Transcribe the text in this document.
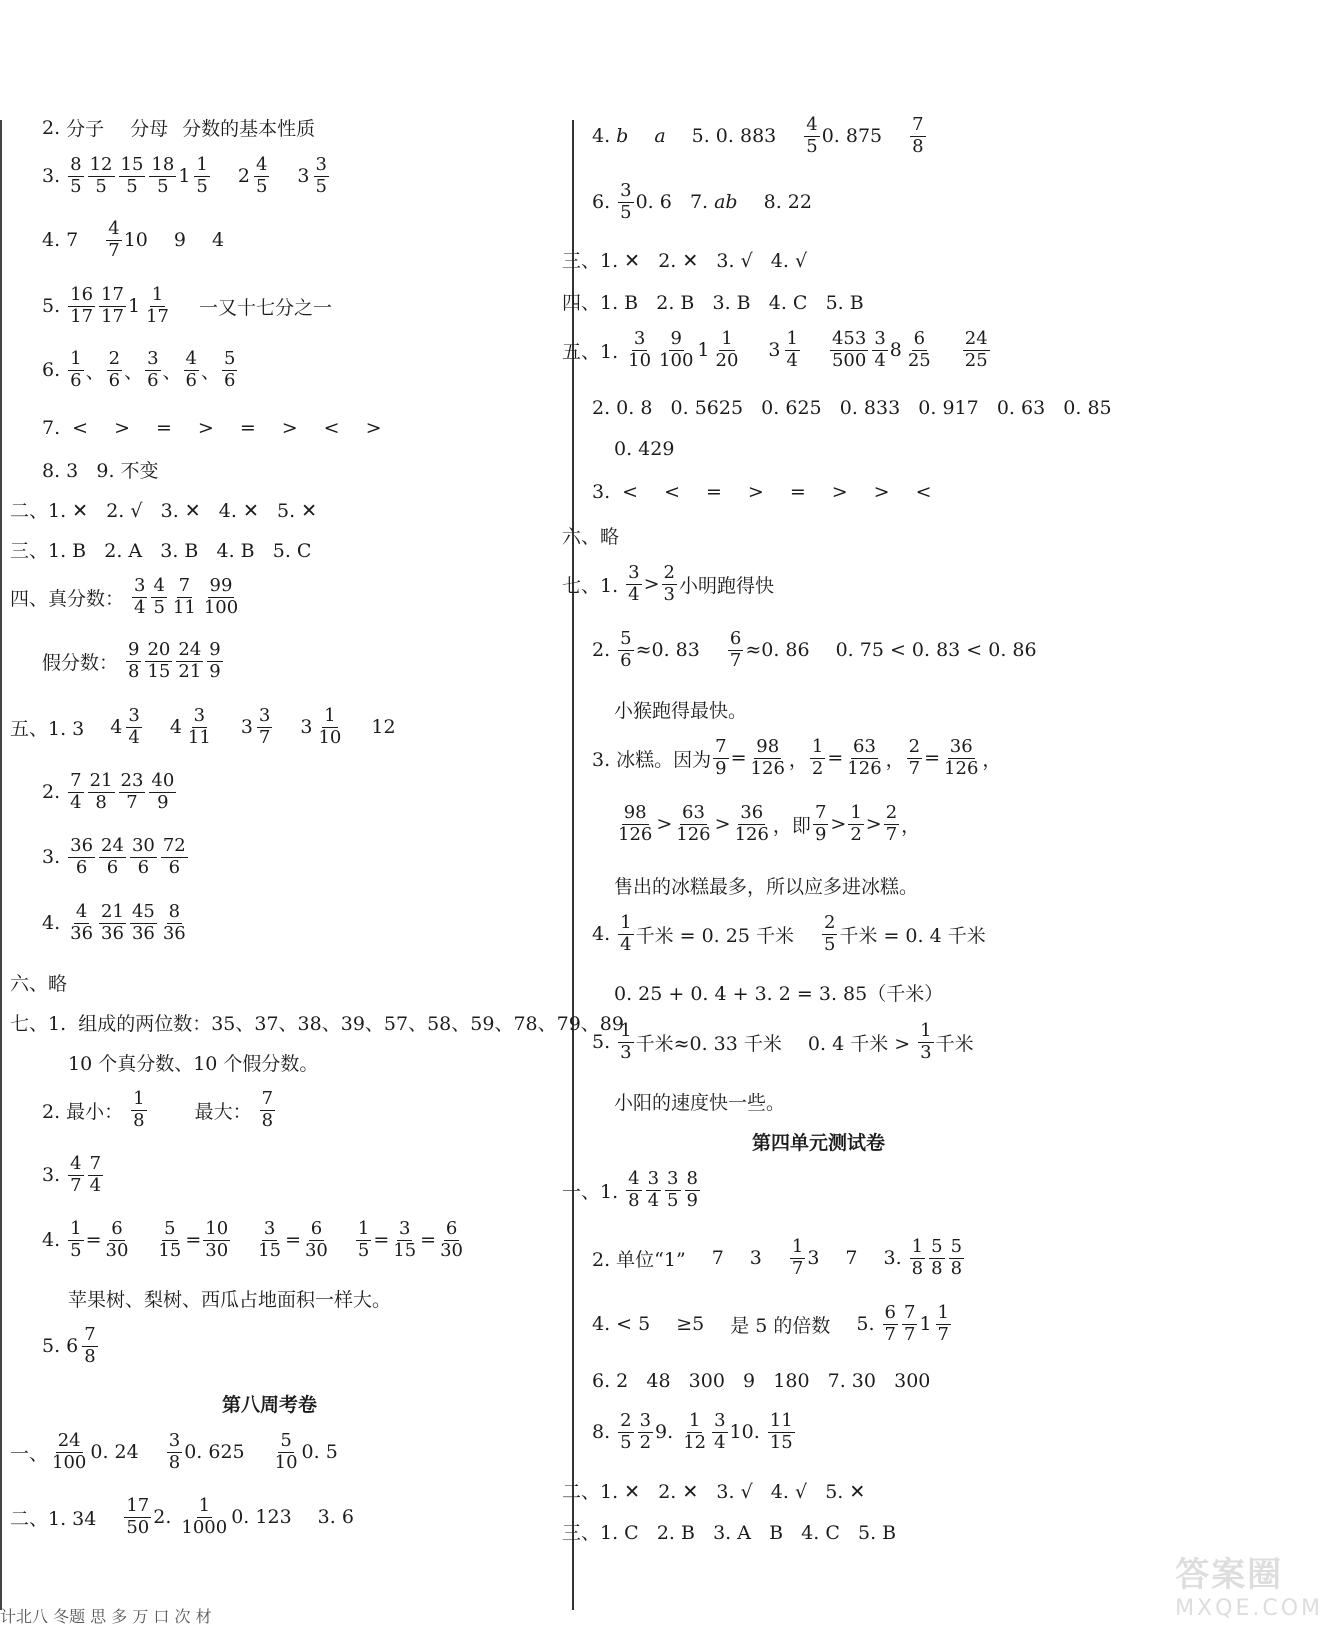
2. 分子 分母 分数的基本性质
3. $\frac{8}{5} \frac{12}{5} \frac{15}{5} \frac{18}{5} 1 \frac{1}{5} 2 \frac{4}{5} 3 \frac{3}{5}$
4. $7 \frac{4}{7} 10$ 9 4
5. $\frac{16}{17} \frac{17}{17} 1 \frac{1}{17}$ 一又十七分之一
6. $\frac{1}{6}$ 、 $\frac{2}{6}$ 、 $\frac{3}{6}$ 、 $\frac{4}{6}$ 、 $\frac{5}{6}$
7. < > = > = > < >
8. 3   9. 不变
二、1. ✕   2. √   3. ✕   4. ✕   5. ✕
三、1. B   2. A   3. B   4. B   5. C
四、真分数： $\frac{3}{4} \frac{4}{5} \frac{7}{11} \frac{99}{100}$
假分数： $\frac{9}{8} \frac{20}{15} \frac{24}{21} \frac{9}{9}$
五、1. 3 $4 \frac{3}{4} 4 \frac{3}{11} 3 \frac{3}{7} 3 \frac{1}{10} 12$
2. $\frac{7}{4} \frac{21}{8} \frac{23}{7} \frac{40}{9}$
3. $\frac{36}{6} \frac{24}{6} \frac{30}{6} \frac{72}{6}$
4. $\frac{4}{36} \frac{21}{36} \frac{45}{36} \frac{8}{36}$
六、略
七、1.  组成的两位数：35、37、38、39、57、58、59、78、79、89
10 个真分数、10 个假分数。
2. 最小： $\frac{1}{8}$	最大： $\frac{7}{8}$
3. $\frac{4}{7} \frac{7}{4}$
4. $\frac{1}{5} = \frac{6}{30} \frac{5}{15} = \frac{10}{30} \frac{3}{15} = \frac{6}{30} \frac{1}{5} = \frac{3}{15} = \frac{6}{30}$
苹果树、梨树、西瓜占地面积一样大。
5. $6 \frac{7}{8}$
第八周考卷
一、 $\frac{24}{100} 0$. $24 \frac{3}{8} 0$. $625 \frac{5}{10} 0$. 5
二、1. $34 \frac{17}{50} 2$. $\frac{1}{1000} 0$. 123 3. 6
计北八 冬题 思 多 万 口 次 材
4. b a 5. 0. $883 \frac{4}{5} 0$. $875 \frac{7}{8}$
6. $\frac{3}{5} 0$. 6   7. ab 8. 22
三、1. ✕   2. ✕   3. √   4. √
四、1. B   2. B   3. B   4. C   5. B
五、1. $\frac{3}{10} \frac{9}{100} 1 \frac{1}{20} 3 \frac{1}{4} \frac{453}{500} \frac{3}{4} 8 \frac{6}{25} \frac{24}{25}$
2. 0. 8   0. 5625   0. 625   0. 833   0. 917   0. 63   0. 85
0. 429
3. < < = > = > > <
六、略
七、1. $\frac{3}{4} > \frac{2}{3}$ 小明跑得快
2. $\frac{5}{6} \approx 0$. $83 \frac{6}{7} \approx 0$. 86 0. 75 < 0. 83 < 0. 86
小猴跑得最快。
3. 冰糕。因为 $\frac{7}{9} = \frac{98}{126}$ ， $\frac{1}{2} = \frac{63}{126}$ ， $\frac{2}{7} = \frac{36}{126}$ ，
$\frac{98}{126} > \frac{63}{126} > \frac{36}{126}$ ，即 $\frac{7}{9} > \frac{1}{2} > \frac{2}{7}$ ，
售出的冰糕最多，所以应多进冰糕。
4. $\frac{1}{4}$ 千米 = 0. 25 千米 $\frac{2}{5}$ 千米 = 0. 4 千米
0. 25 + 0. 4 + 3. 2 = 3. 85（千米）
5. $\frac{1}{3}$ 千米≈0. 33 千米 0. 4 千米 > $\frac{1}{3}$ 千米
小阳的速度快一些。
第四单元测试卷
一、1. $\frac{4}{8} \frac{3}{4} \frac{3}{5} \frac{8}{9}$
2. 单位“1” 7 $3 \frac{1}{7} 3$ 7 3. $\frac{1}{8} \frac{5}{8} \frac{5}{8}$
4. < 5 ≥5 是 5 的倍数 5. $\frac{6}{7} \frac{7}{7} 1 \frac{1}{7}$
6. 2   48   300   9   180   7. 30   300
8. $\frac{2}{5} \frac{3}{2} 9$. $\frac{1}{12} \frac{3}{4} 10$. $\frac{11}{15}$
二、1. ✕   2. ✕   3. √   4. √   5. ✕
三、1. C   2. B   3. A   B   4. C   5. B
答案圈
MXQE.COM
